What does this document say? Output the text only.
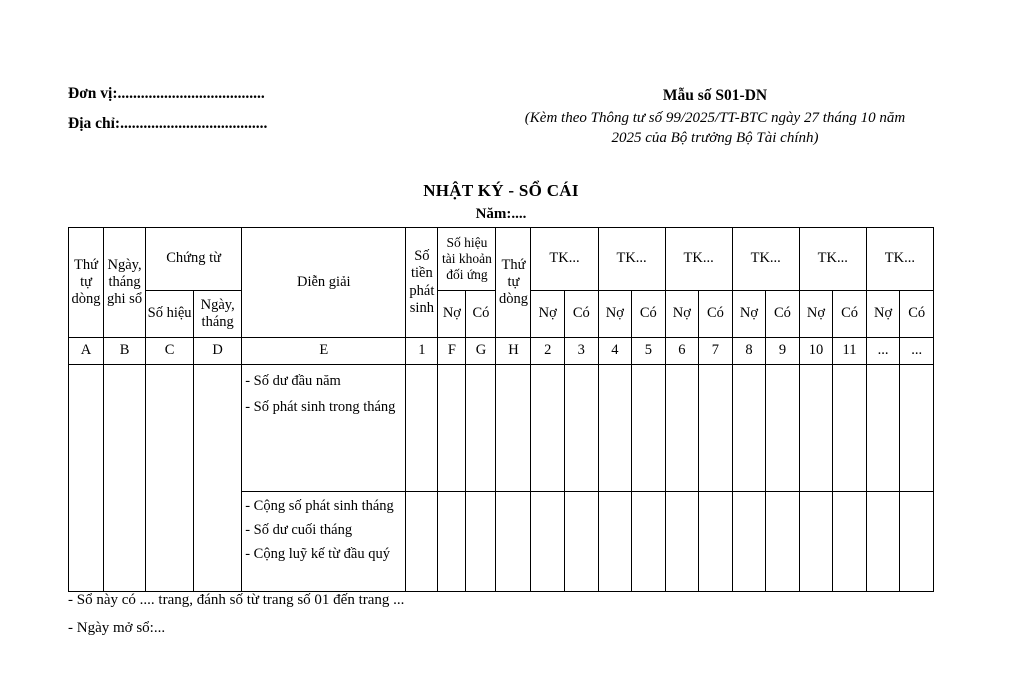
Đơn vị:......................................
Địa chỉ:......................................
Mẫu số S01-DN
(Kèm theo Thông tư số 99/2025/TT-BTC ngày 27 tháng 10 năm
2025 của Bộ trưởng Bộ Tài chính)
NHẬT KÝ - SỔ CÁI
Năm:....
Thứ tự dòng	Ngày, tháng ghi sổ	Chứng từ		Diễn giải	Số tiền phát sinh	Số hiệu tài khoản đối ứng		Thứ tự dòng	TK...		TK...		TK...		TK...		TK...		TK...	
		Số hiệu	Ngày, tháng			Nợ	Có		Nợ	Có	Nợ	Có	Nợ	Có	Nợ	Có	Nợ	Có	Nợ	Có
A	B	C	D	E	1	F	G	H	2	3	4	5	6	7	8	9	10	11	...	...

				- Số dư đầu năm

- Số phát sinh trong tháng																

				- Cộng số phát sinh tháng

- Số dư cuối tháng

- Cộng luỹ kế từ đầu quý																

- Sổ này có .... trang, đánh số từ trang số 01 đến trang ...
- Ngày mở sổ:...
